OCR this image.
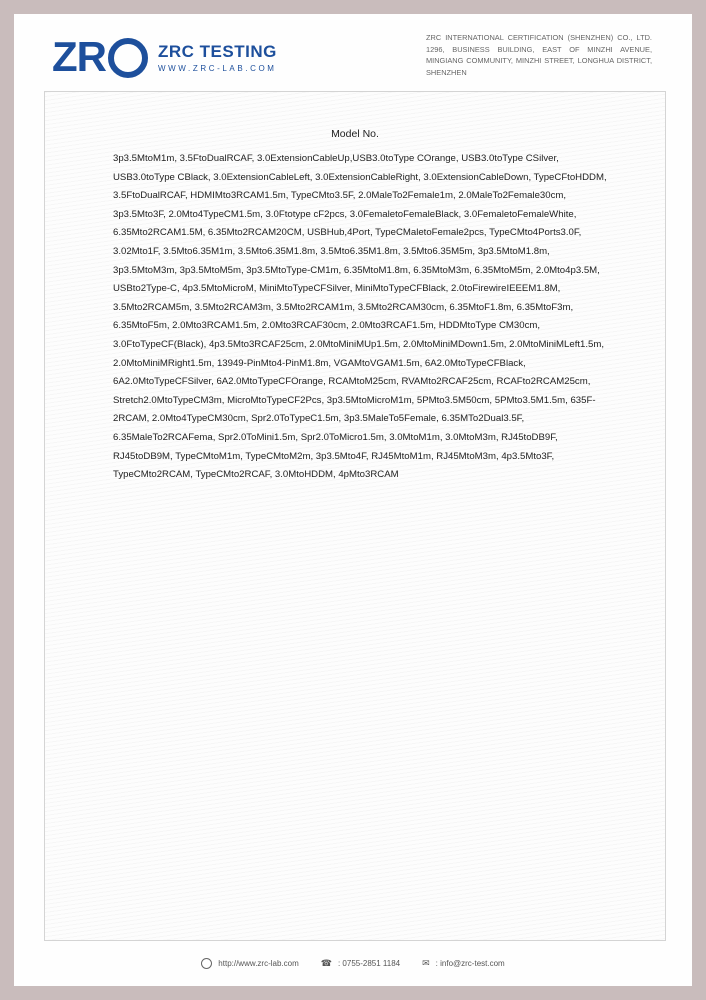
Z R	ZRC TESTING
WWW.ZRC-LAB.COM
ZRC INTERNATIONAL CERTIFICATION (SHENZHEN) CO., LTD. 1296, BUSINESS BUILDING, EAST OF MINZHI AVENUE, MINGIANG COMMUNITY, MINZHI STREET, LONGHUA DISTRICT, SHENZHEN
Model No.
3p3.5MtoM1m, 3.5FtoDualRCAF, 3.0ExtensionCableUp,USB3.0toType COrange, USB3.0toType CSilver, USB3.0toType CBlack, 3.0ExtensionCableLeft, 3.0ExtensionCableRight, 3.0ExtensionCableDown, TypeCFtoHDDM, 3.5FtoDualRCAF, HDMIMto3RCAM1.5m, TypeCMto3.5F, 2.0MaleTo2Female1m, 2.0MaleTo2Female30cm, 3p3.5Mto3F, 2.0Mto4TypeCM1.5m, 3.0Ftotype cF2pcs, 3.0FemaletoFemaleBlack, 3.0FemaletoFemaleWhite, 6.35Mto2RCAM1.5M, 6.35Mto2RCAM20CM, USBHub,4Port, TypeCMaletoFemale2pcs, TypeCMto4Ports3.0F, 3.02Mto1F, 3.5Mto6.35M1m, 3.5Mto6.35M1.8m, 3.5Mto6.35M1.8m, 3.5Mto6.35M5m, 3p3.5MtoM1.8m, 3p3.5MtoM3m, 3p3.5MtoM5m, 3p3.5MtoType-CM1m, 6.35MtoM1.8m, 6.35MtoM3m, 6.35MtoM5m, 2.0Mto4p3.5M, USBto2Type-C, 4p3.5MtoMicroM, MiniMtoTypeCFSilver, MiniMtoTypeCFBlack, 2.0toFirewireIEEEM1.8M, 3.5Mto2RCAM5m, 3.5Mto2RCAM3m, 3.5Mto2RCAM1m, 3.5Mto2RCAM30cm, 6.35MtoF1.8m, 6.35MtoF3m, 6.35MtoF5m, 2.0Mto3RCAM1.5m, 2.0Mto3RCAF30cm, 2.0Mto3RCAF1.5m, HDDMtoType CM30cm, 3.0FtoTypeCF(Black), 4p3.5Mto3RCAF25cm, 2.0MtoMiniMUp1.5m, 2.0MtoMiniMDown1.5m, 2.0MtoMiniMLeft1.5m, 2.0MtoMiniMRight1.5m, 13949-PinMto4-PinM1.8m, VGAMtoVGAM1.5m, 6A2.0MtoTypeCFBlack, 6A2.0MtoTypeCFSilver, 6A2.0MtoTypeCFOrange, RCAMtoM25cm, RVAMto2RCAF25cm, RCAFto2RCAM25cm, Stretch2.0MtoTypeCM3m, MicroMtoTypeCF2Pcs, 3p3.5MtoMicroM1m, 5PMto3.5M50cm, 5PMto3.5M1.5m, 635F-2RCAM, 2.0Mto4TypeCM30cm, Spr2.0ToTypeC1.5m, 3p3.5MaleTo5Female, 6.35MTo2Dual3.5F, 6.35MaleTo2RCAFema, Spr2.0ToMini1.5m, Spr2.0ToMicro1.5m, 3.0MtoM1m, 3.0MtoM3m, RJ45toDB9F, RJ45toDB9M, TypeCMtoM1m, TypeCMtoM2m, 3p3.5Mto4F, RJ45MtoM1m, RJ45MtoM3m, 4p3.5Mto3F, TypeCMto2RCAM, TypeCMto2RCAF, 3.0MtoHDDM, 4pMto3RCAM
http://www.zrc-lab.com ☎ : 0755-2851 1184 ✉ : info@zrc-test.com
